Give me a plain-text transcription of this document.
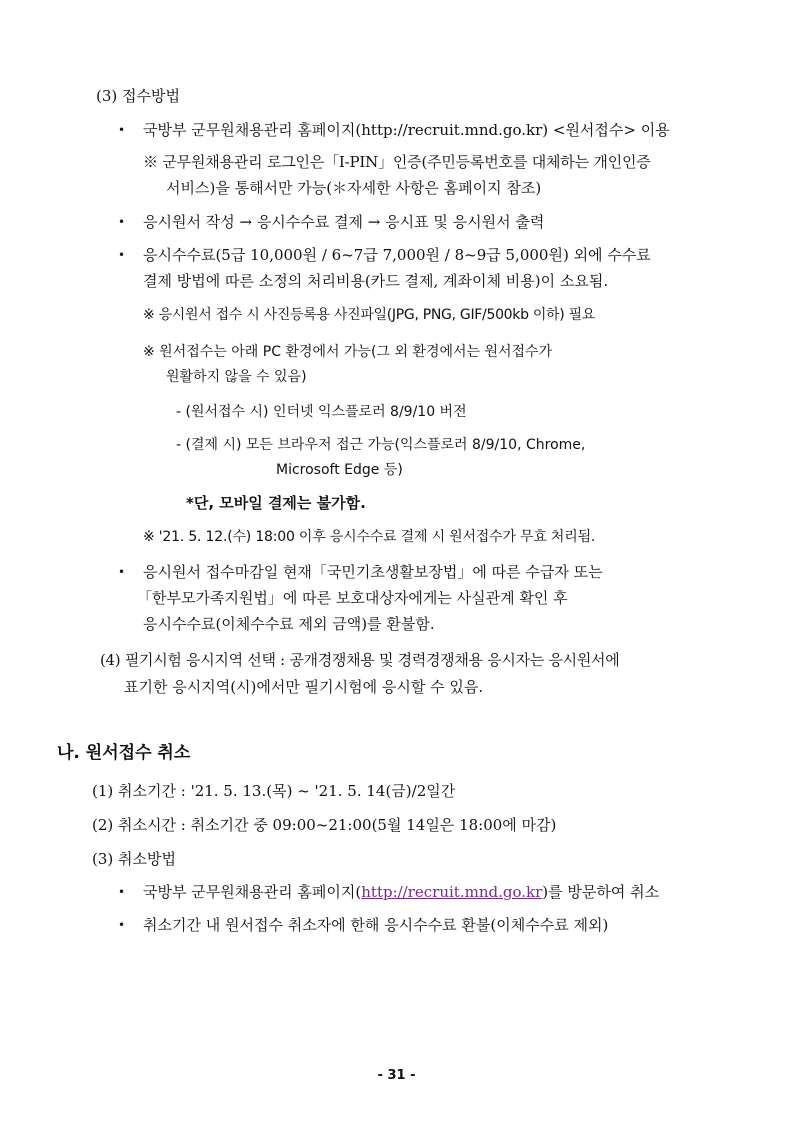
(3) 접수방법
• 국방부 군무원채용관리 홈페이지(http://recruit.mnd.go.kr) <원서접수> 이용
※ 군무원채용관리 로그인은「I-PIN」인증(주민등록번호를 대체하는 개인인증
서비스)을 통해서만 가능(＊자세한 사항은 홈페이지 참조)
• 응시원서 작성 → 응시수수료 결제 → 응시표 및 응시원서 출력
• 응시수수료(5급 10,000원 / 6~7급 7,000원 / 8~9급 5,000원) 외에 수수료
결제 방법에 따른 소정의 처리비용(카드 결제, 계좌이체 비용)이 소요됨.
※ 응시원서 접수 시 사진등록용 사진파일(JPG, PNG, GIF/500kb 이하) 필요
※ 원서접수는 아래 PC 환경에서 가능(그 외 환경에서는 원서접수가
원활하지 않을 수 있음)
- (원서접수 시) 인터넷 익스플로러 8/9/10 버전
- (결제 시) 모든 브라우저 접근 가능(익스플로러 8/9/10, Chrome,
Microsoft Edge 등)
*단, 모바일 결제는 불가함.
※ '21. 5. 12.(수) 18:00 이후 응시수수료 결제 시 원서접수가 무효 처리됨.
• 응시원서 접수마감일 현재「국민기초생활보장법」에 따른 수급자 또는
「한부모가족지원법」에 따른 보호대상자에게는 사실관계 확인 후
응시수수료(이체수수료 제외 금액)를 환불함.
(4) 필기시험 응시지역 선택 : 공개경쟁채용 및 경력경쟁채용 응시자는 응시원서에
표기한 응시지역(시)에서만 필기시험에 응시할 수 있음.
나. 원서접수 취소
(1) 취소기간 : '21. 5. 13.(목) ~ '21. 5. 14(금)/2일간
(2) 취소시간 : 취소기간 중 09:00~21:00(5월 14일은 18:00에 마감)
(3) 취소방법
• 국방부 군무원채용관리 홈페이지(http://recruit.mnd.go.kr)를 방문하여 취소
• 취소기간 내 원서접수 취소자에 한해 응시수수료 환불(이체수수료 제외)
- 31 -
